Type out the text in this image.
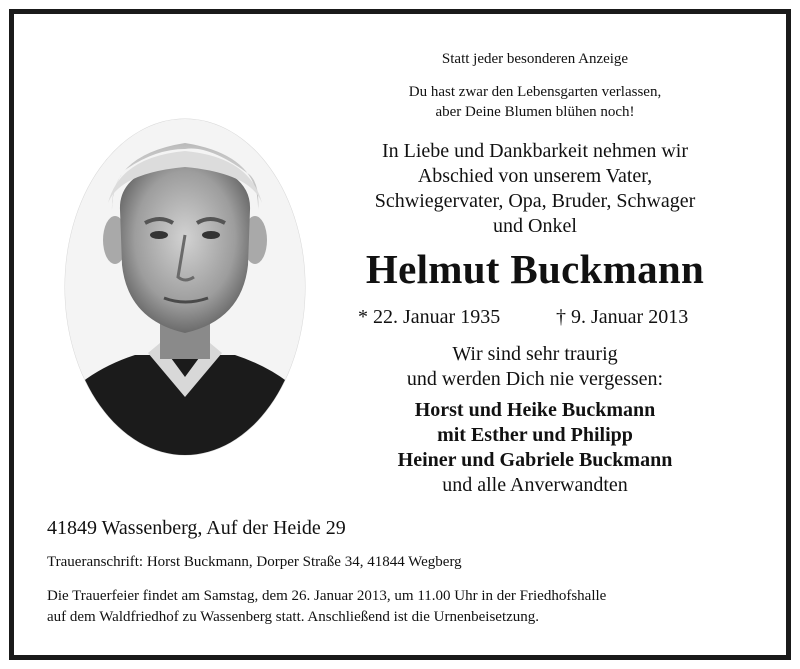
Statt jeder besonderen Anzeige
Du hast zwar den Lebensgarten verlassen,
aber Deine Blumen blühen noch!
In Liebe und Dankbarkeit nehmen wir
Abschied von unserem Vater,
Schwiegervater, Opa, Bruder, Schwager
und Onkel
Helmut Buckmann
* 22. Januar 1935	† 9. Januar 2013
Wir sind sehr traurig
und werden Dich nie vergessen:
Horst und Heike Buckmann
mit Esther und Philipp
Heiner und Gabriele Buckmann
und alle Anverwandten
41849 Wassenberg, Auf der Heide 29
Traueranschrift: Horst Buckmann, Dorper Straße 34, 41844 Wegberg
Die Trauerfeier findet am Samstag, dem 26. Januar 2013, um 11.00 Uhr in der Friedhofshalle
auf dem Waldfriedhof zu Wassenberg statt. Anschließend ist die Urnenbeisetzung.
